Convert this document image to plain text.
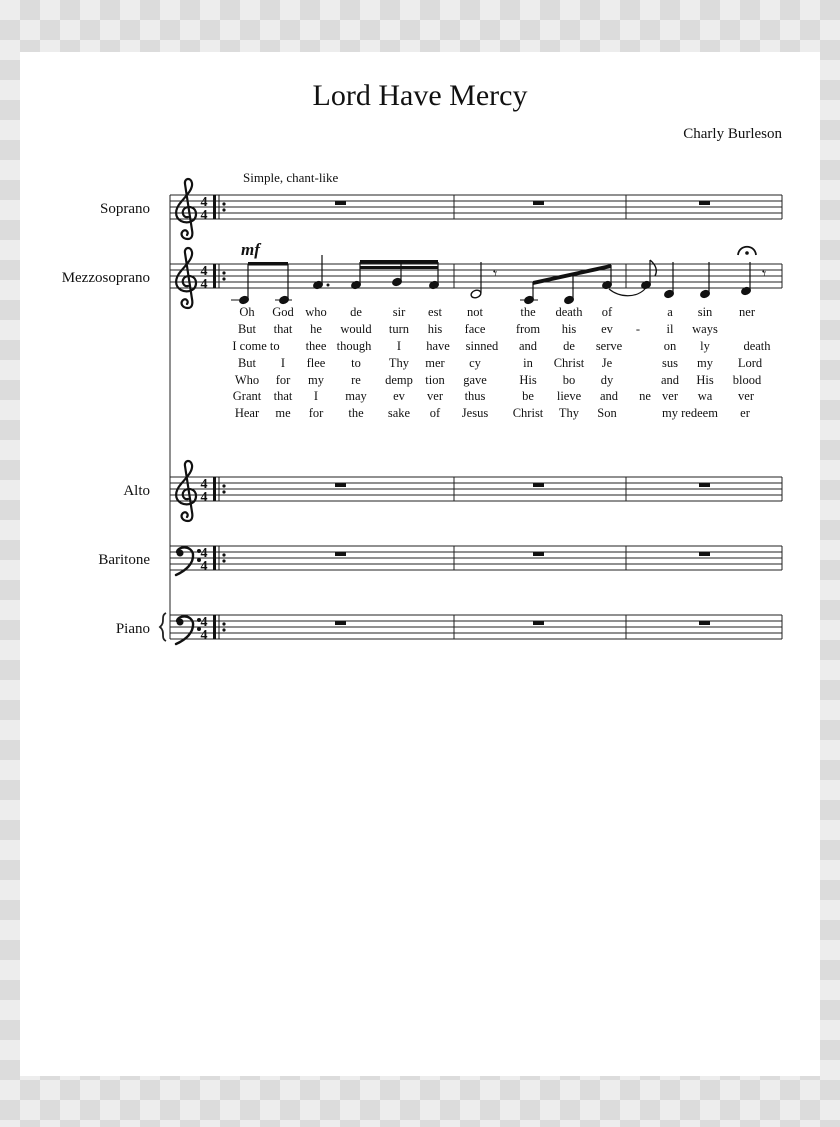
Lord Have Mercy
Charly Burleson
Simple, chant-like
Soprano
Mezzosoprano
Alto
Baritone
Piano
4
4
4
4
4
4
4
4
4
4
mf
𝄾	𝄾
Oh God who de sir est not	the death of	a sin ner
But that he would turn his face from his ev - il ways
I come to thee though I have sinned and de serve	on ly	death
But I flee to Thy mer cy	in Christ Je	sus my Lord
Who for my re demp tion gave	His bo dy	and His blood
Grant that I may ev ver thus	be lieve and ne ver wa ver
Hear me for the sake of Jesus Christ Thy Son	my redeem er
